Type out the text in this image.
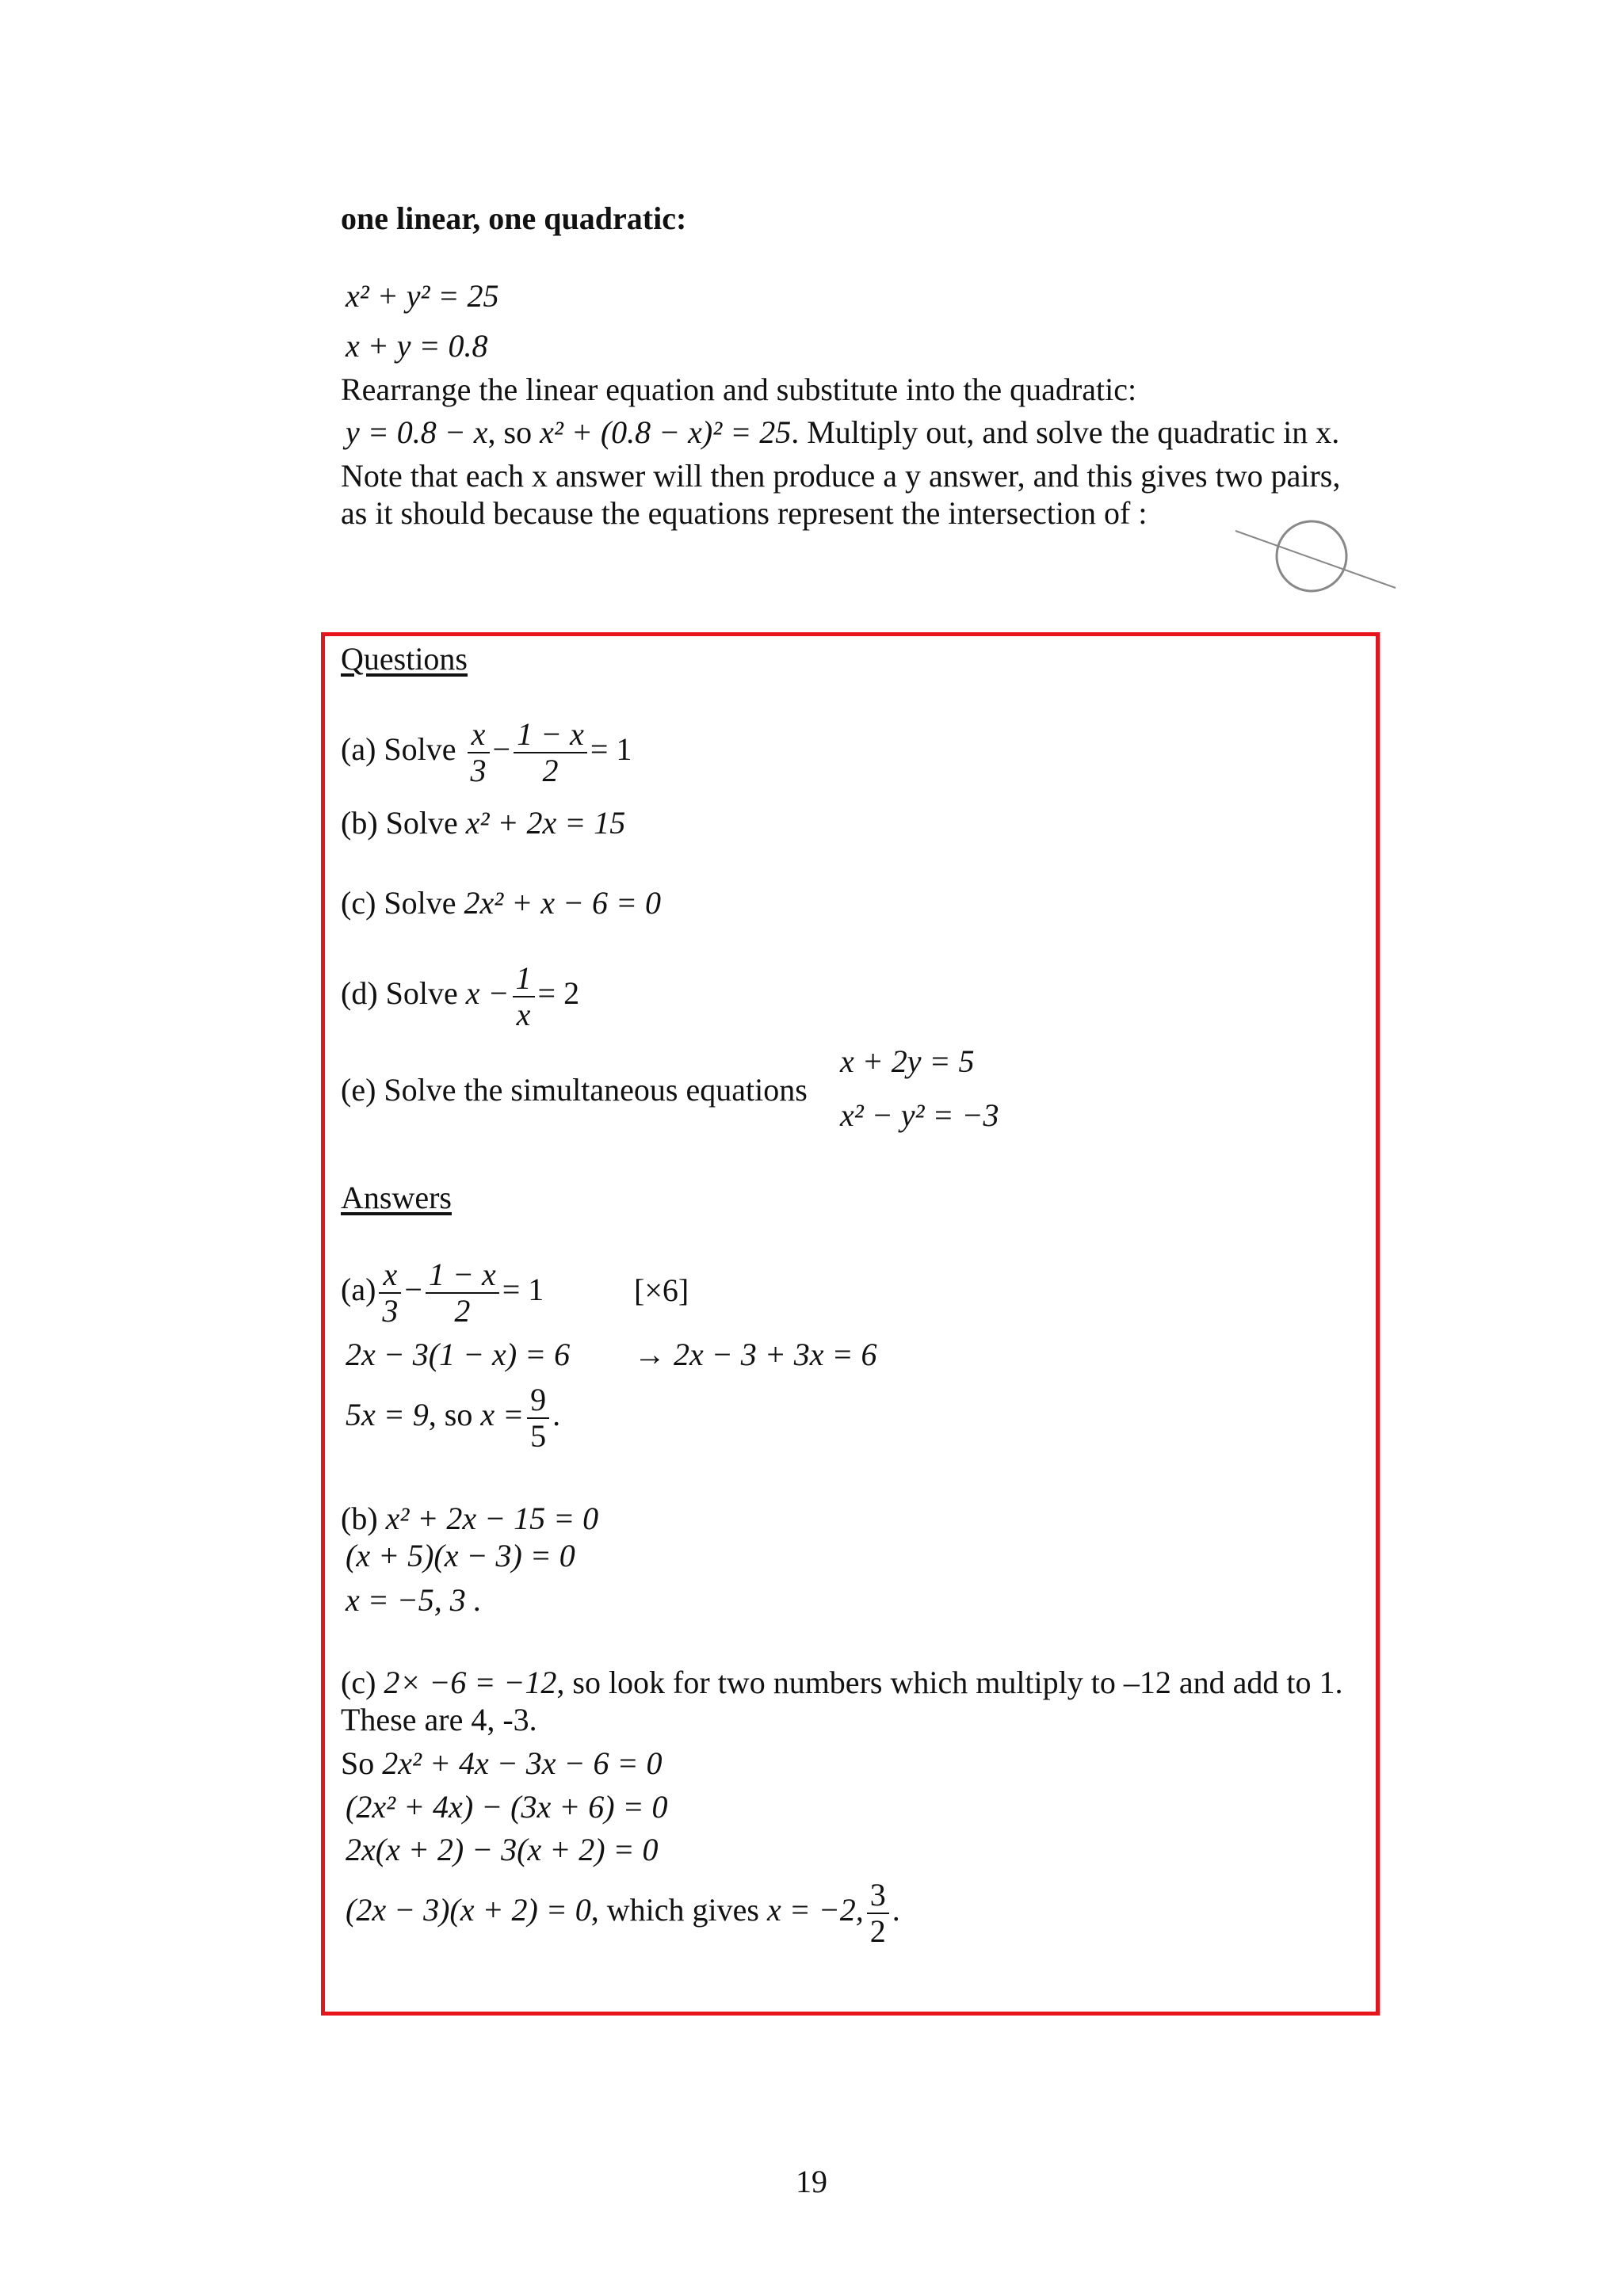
one linear, one quadratic:
x² + y² = 25
x + y = 0.8
Rearrange the linear equation and substitute into the quadratic:
y = 0.8 − x, so x² + (0.8 − x)² = 25. Multiply out, and solve the quadratic in x.
Note that each x answer will then produce a y answer, and this gives two pairs,
as it should because the equations represent the intersection of :
Questions
(a) Solve $\frac{x}{3} - \frac{1 - x}{2} = 1$
(b) Solve x² + 2x = 15
(c) Solve 2x² + x − 6 = 0
(d) Solve $x - \frac{1}{x} = 2$
(e) Solve the simultaneous equations
x + 2y = 5
x² − y² = −3
Answers
$(a) \frac{x}{3} - \frac{1 - x}{2} = 1$	[×6]
2x − 3(1 − x) = 6 → 2x − 3 + 3x = 6
5x = 9, so $x = \frac{9}{5}$ .
(b) x² + 2x − 15 = 0
(x + 5)(x − 3) = 0
x = −5, 3 .
(c) 2× −6 = −12, so look for two numbers which multiply to –12 and add to 1.
These are 4, -3.
So 2x² + 4x − 3x − 6 = 0
(2x² + 4x) − (3x + 6) = 0
2x(x + 2) − 3(x + 2) = 0
(2x − 3)(x + 2) = 0, which gives x = −2, $\frac{3}{2}$ .
19
